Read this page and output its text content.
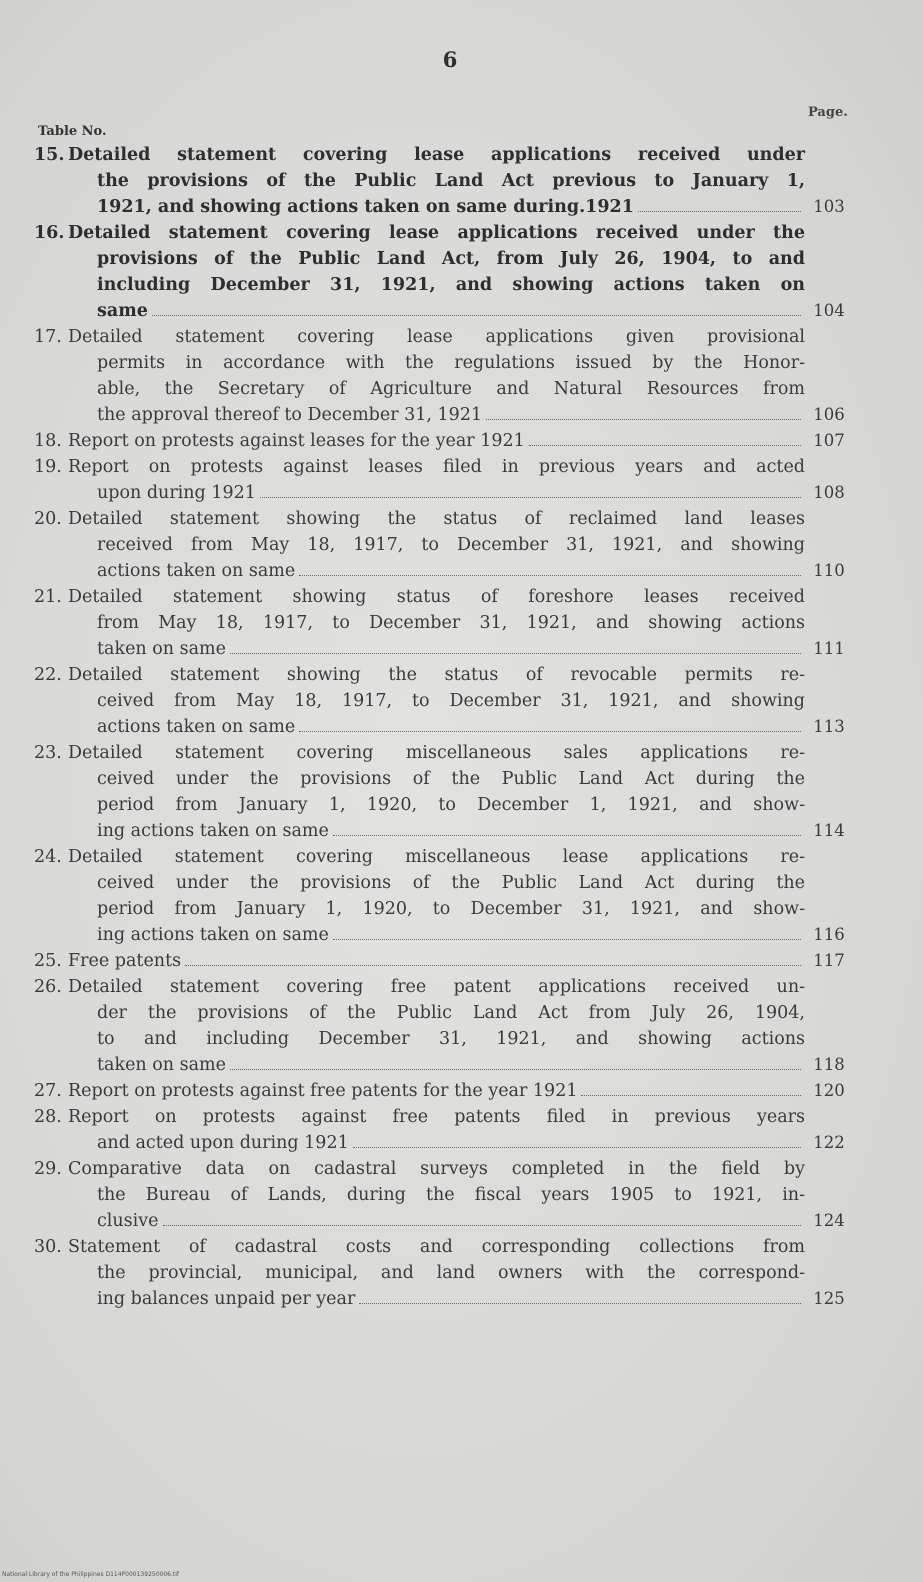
6
Page.
Table No.
15. Detailed statement covering lease applications received under
the provisions of the Public Land Act previous to January 1,
1921, and showing actions taken on same during.1921	103
16. Detailed statement covering lease applications received under the
provisions of the Public Land Act, from July 26, 1904, to and
including December 31, 1921, and showing actions taken on
same	104
17. Detailed statement covering lease applications given provisional
permits in accordance with the regulations issued by the Honor-
able, the Secretary of Agriculture and Natural Resources from
the approval thereof to December 31, 1921	106
18. Report on protests against leases for the year 1921	107
19. Report on protests against leases filed in previous years and acted
upon during 1921	108
20. Detailed statement showing the status of reclaimed land leases
received from May 18, 1917, to December 31, 1921, and showing
actions taken on same	110
21. Detailed statement showing status of foreshore leases received
from May 18, 1917, to December 31, 1921, and showing actions
taken on same	111
22. Detailed statement showing the status of revocable permits re-
ceived from May 18, 1917, to December 31, 1921, and showing
actions taken on same	113
23. Detailed statement covering miscellaneous sales applications re-
ceived under the provisions of the Public Land Act during the
period from January 1, 1920, to December 1, 1921, and show-
ing actions taken on same	114
24. Detailed statement covering miscellaneous lease applications re-
ceived under the provisions of the Public Land Act during the
period from January 1, 1920, to December 31, 1921, and show-
ing actions taken on same	116
25. Free patents	117
26. Detailed statement covering free patent applications received un-
der the provisions of the Public Land Act from July 26, 1904,
to and including December 31, 1921, and showing actions
taken on same	118
27. Report on protests against free patents for the year 1921	120
28. Report on protests against free patents filed in previous years
and acted upon during 1921	122
29. Comparative data on cadastral surveys completed in the field by
the Bureau of Lands, during the fiscal years 1905 to 1921, in-
clusive	124
30. Statement of cadastral costs and corresponding collections from
the provincial, municipal, and land owners with the correspond-
ing balances unpaid per year	125
National Library of the Philippines D114P000139250006.tif
